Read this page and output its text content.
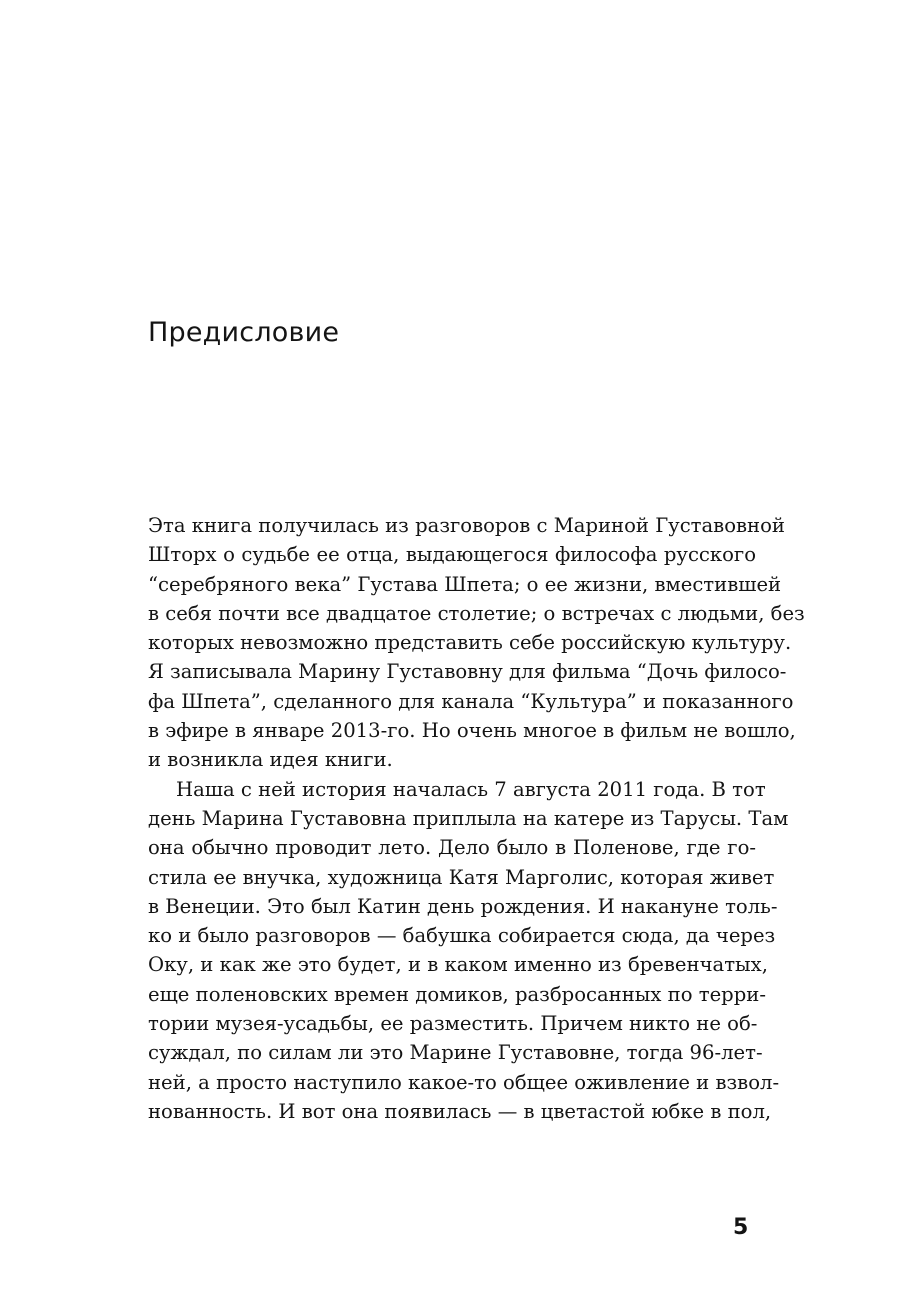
Предисловие
Эта книга получилась из разговоров с Мариной Густавовной
Шторх о судьбе ее отца, выдающегося философа русского
“серебряного века” Густава Шпета; о ее жизни, вместившей
в себя почти все двадцатое столетие; о встречах с людьми, без
которых невозможно представить себе российскую культуру.
Я записывала Марину Густавовну для фильма “Дочь филосо-
фа Шпета”, сделанного для канала “Культура” и показанного
в эфире в январе 2013-го. Но очень многое в фильм не вошло,
и возникла идея книги.
Наша с ней история началась 7 августа 2011 года. В тот
день Марина Густавовна приплыла на катере из Тарусы. Там
она обычно проводит лето. Дело было в Поленове, где го-
стила ее внучка, художница Катя Марголис, которая живет
в Венеции. Это был Катин день рождения. И накануне толь-
ко и было разговоров — бабушка собирается сюда, да через
Оку, и как же это будет, и в каком именно из бревенчатых,
еще поленовских времен домиков, разбросанных по терри-
тории музея-усадьбы, ее разместить. Причем никто не об-
суждал, по силам ли это Марине Густавовне, тогда 96-лет-
ней, а просто наступило какое-то общее оживление и взвол-
нованность. И вот она появилась — в цветастой юбке в пол,
5
